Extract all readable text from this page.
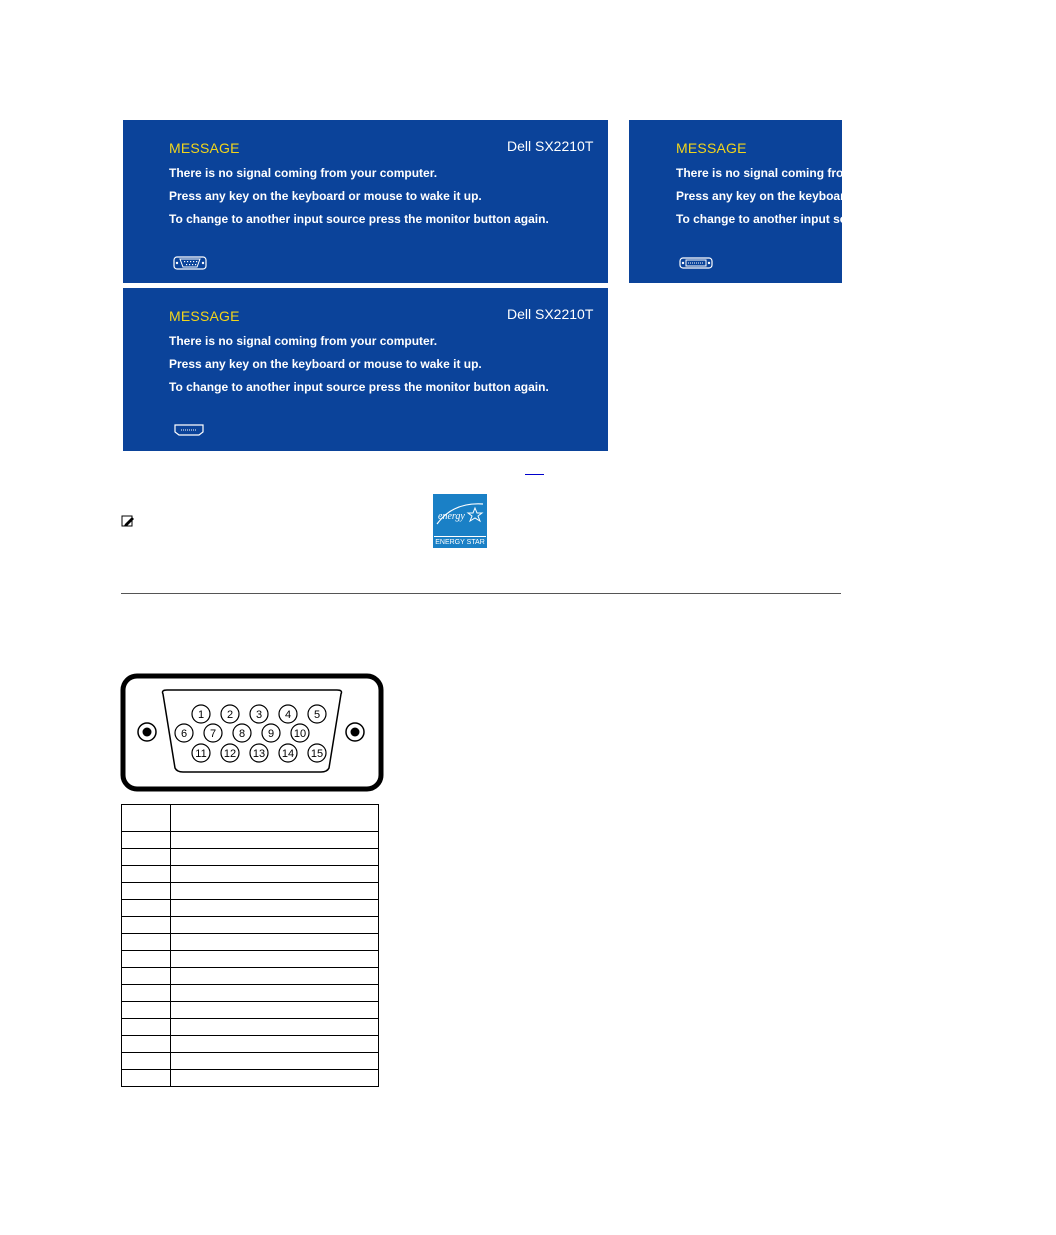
MESSAGE	Dell SX2210T
There is no signal coming from your computer.
Press any key on the keyboard or mouse to wake it up.
To change to another input source press the monitor button again.
MESSAGE
There is no signal coming from your computer.
Press any key on the keyboard or mouse to wake it up.
To change to another input source press the monitor button again.
MESSAGE	Dell SX2210T
There is no signal coming from your computer.
Press any key on the keyboard or mouse to wake it up.
To change to another input source press the monitor button again.
energy
ENERGY STAR
1 2 3 4 5
6 7 8 9 10
11 12 13 14 15
